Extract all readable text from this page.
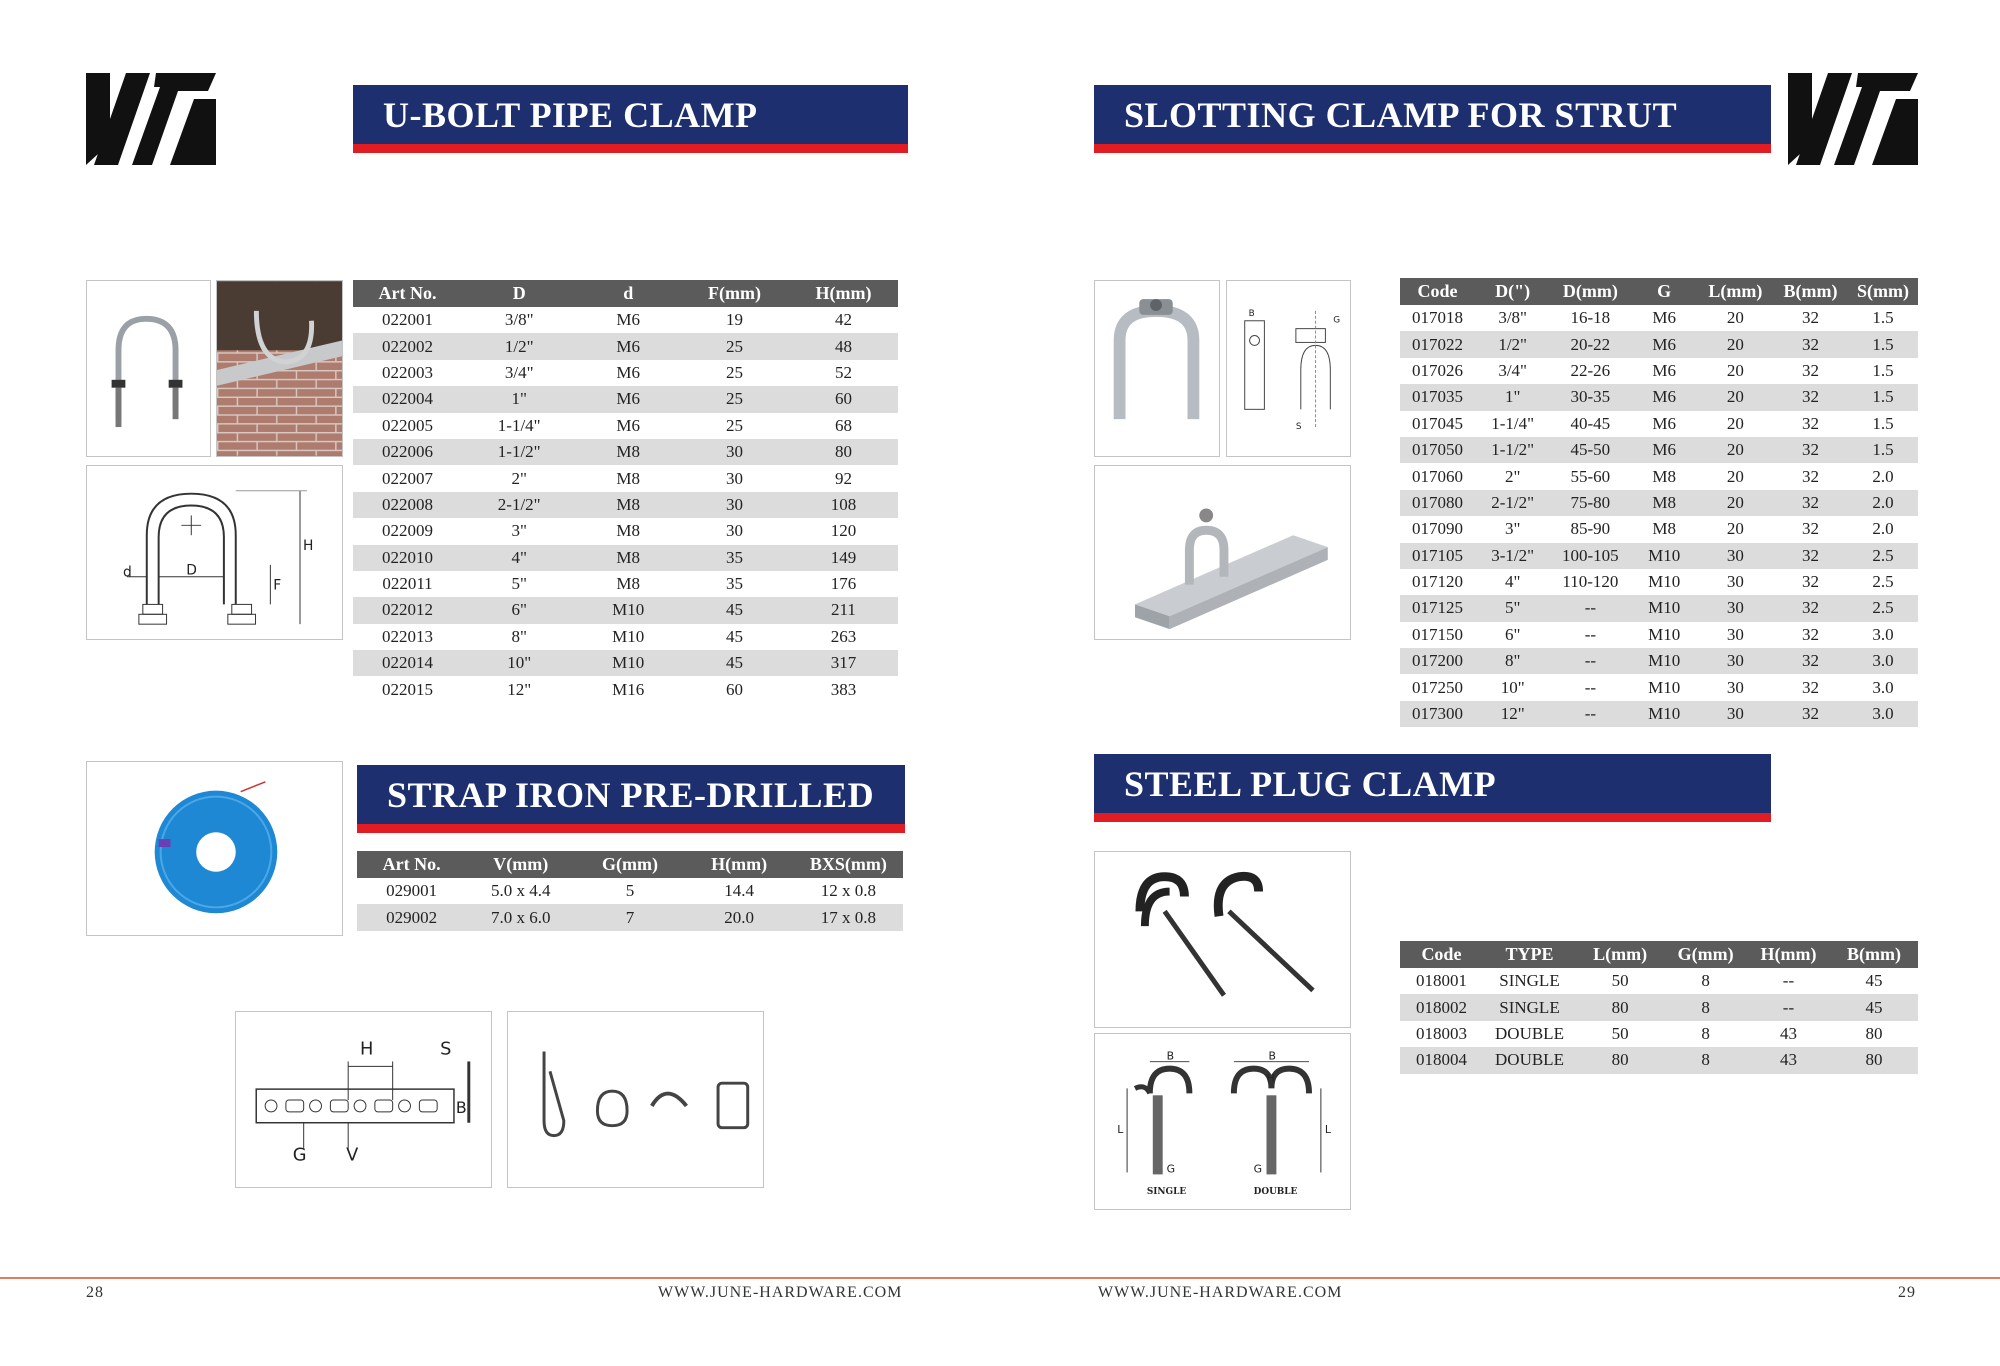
U-BOLT PIPE CLAMP
d	D
F
H
Art No.	D	d	F(mm)	H(mm)
022001	3/8"	M6	19	42
022002	1/2"	M6	25	48
022003	3/4"	M6	25	52
022004	1"	M6	25	60
022005	1-1/4"	M6	25	68
022006	1-1/2"	M8	30	80
022007	2"	M8	30	92
022008	2-1/2"	M8	30	108
022009	3"	M8	30	120
022010	4"	M8	35	149
022011	5"	M8	35	176
022012	6"	M10	45	211
022013	8"	M10	45	263
022014	10"	M10	45	317
022015	12"	M16	60	383
STRAP IRON PRE-DRILLED
Art No.	V(mm)	G(mm)	H(mm)	BXS(mm)
029001	5.0 x 4.4	5	14.4	12 x 0.8
029002	7.0 x 6.0	7	20.0	17 x 0.8
H	S
B
G V
28	WWW.JUNE-HARDWARE.COM
SLOTTING CLAMP FOR STRUT
B
G
S
Code	D(")	D(mm)	G	L(mm)	B(mm)	S(mm)
017018	3/8"	16-18	M6	20	32	1.5
017022	1/2"	20-22	M6	20	32	1.5
017026	3/4"	22-26	M6	20	32	1.5
017035	1"	30-35	M6	20	32	1.5
017045	1-1/4"	40-45	M6	20	32	1.5
017050	1-1/2"	45-50	M6	20	32	1.5
017060	2"	55-60	M8	20	32	2.0
017080	2-1/2"	75-80	M8	20	32	2.0
017090	3"	85-90	M8	20	32	2.0
017105	3-1/2"	100-105	M10	30	32	2.5
017120	4"	110-120	M10	30	32	2.5
017125	5"	--	M10	30	32	2.5
017150	6"	--	M10	30	32	3.0
017200	8"	--	M10	30	32	3.0
017250	10"	--	M10	30	32	3.0
017300	12"	--	M10	30	32	3.0
STEEL PLUG CLAMP
B	B
H
L	L
G	G
SINGLE	DOUBLE
Code	TYPE	L(mm)	G(mm)	H(mm)	B(mm)
018001	SINGLE	50	8	--	45
018002	SINGLE	80	8	--	45
018003	DOUBLE	50	8	43	80
018004	DOUBLE	80	8	43	80
WWW.JUNE-HARDWARE.COM	29
